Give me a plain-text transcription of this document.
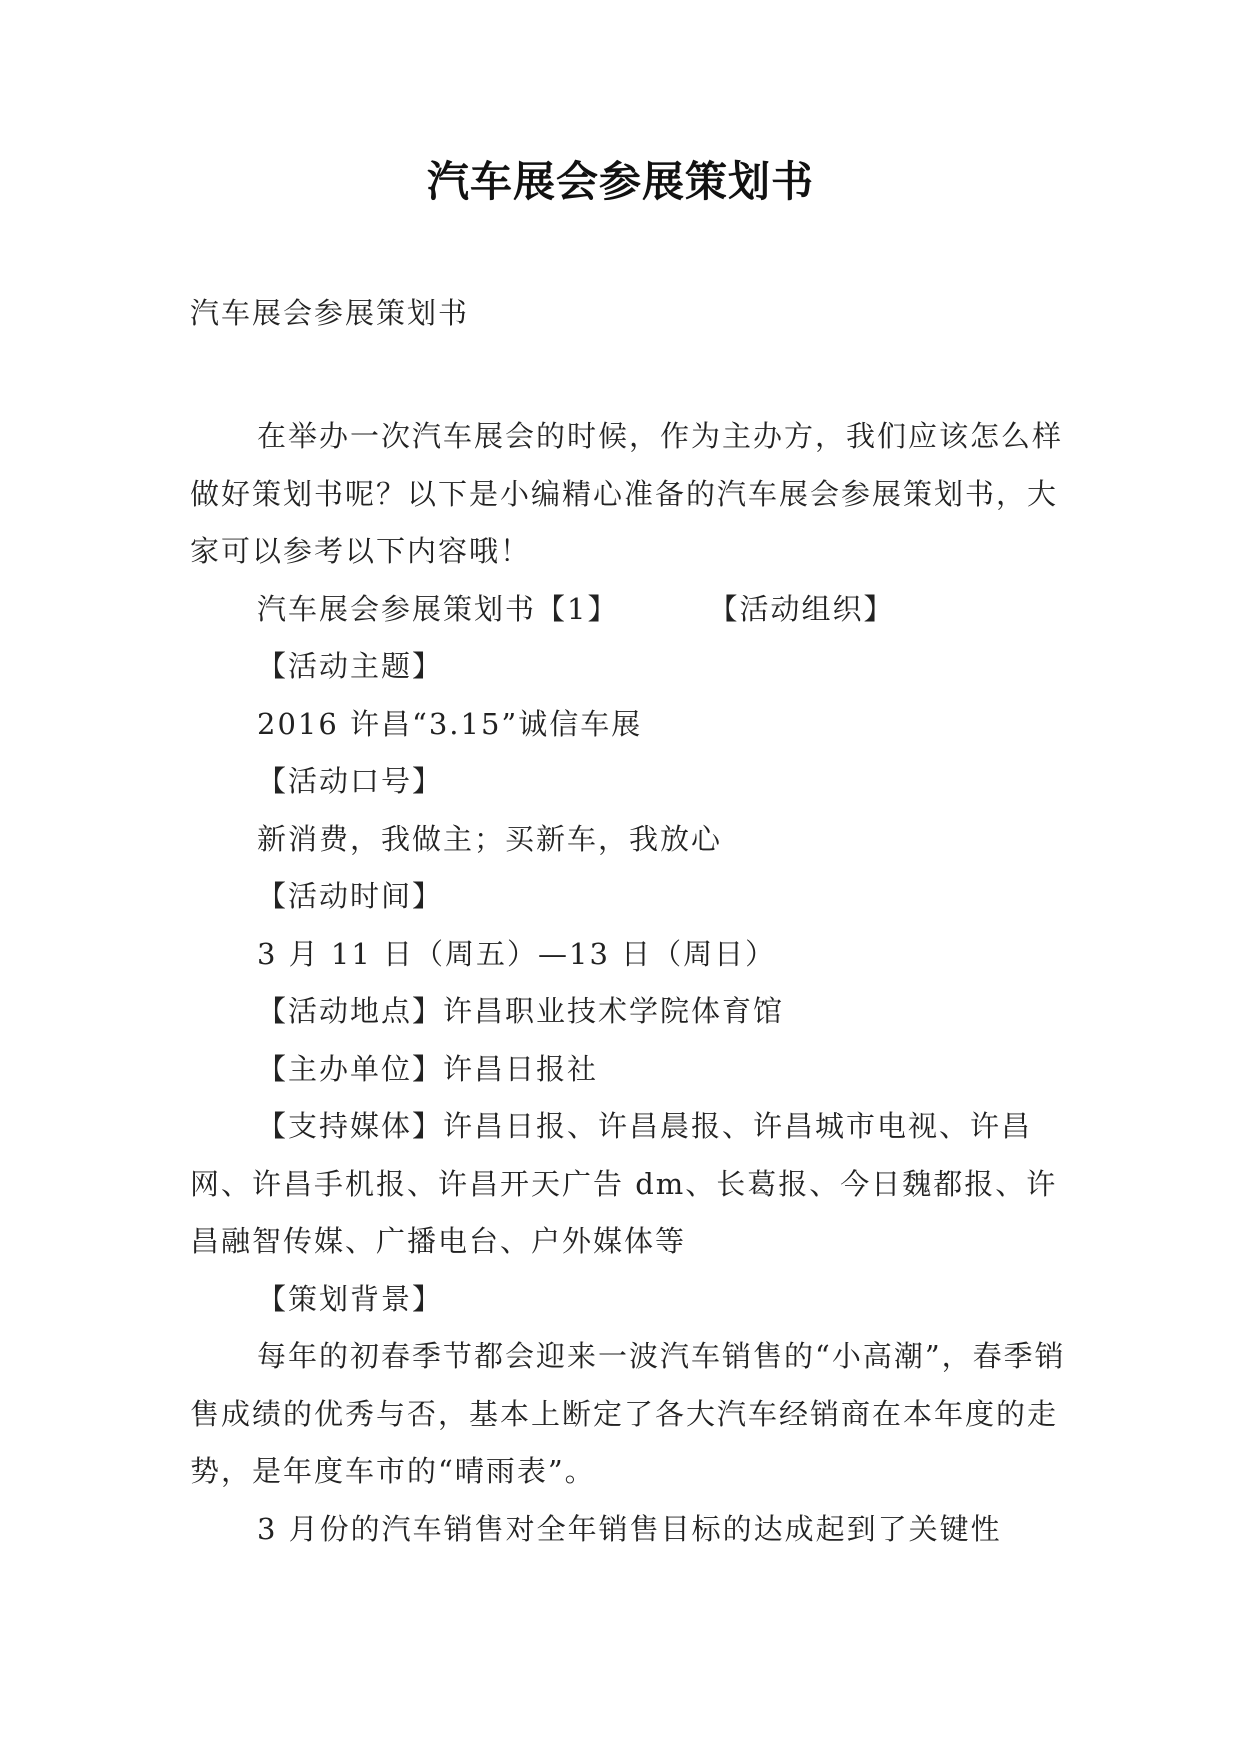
汽车展会参展策划书
汽车展会参展策划书

在举办一次汽车展会的时候，作为主办方，我们应该怎么样做好策划书呢？以下是小编精心准备的汽车展会参展策划书，大家可以参考以下内容哦！

汽车展会参展策划书【1】	【活动组织】

【活动主题】

2016 许昌“3.15”诚信车展

【活动口号】

新消费，我做主；买新车，我放心

【活动时间】

3 月 11 日（周五）—13 日（周日）

【活动地点】许昌职业技术学院体育馆

【主办单位】许昌日报社

【支持媒体】许昌日报、许昌晨报、许昌城市电视、许昌网、许昌手机报、许昌开天广告 dm、长葛报、今日魏都报、许昌融智传媒、广播电台、户外媒体等

【策划背景】

每年的初春季节都会迎来一波汽车销售的“小高潮”，春季销售成绩的优秀与否，基本上断定了各大汽车经销商在本年度的走势，是年度车市的“晴雨表”。

3 月份的汽车销售对全年销售目标的达成起到了关键性
